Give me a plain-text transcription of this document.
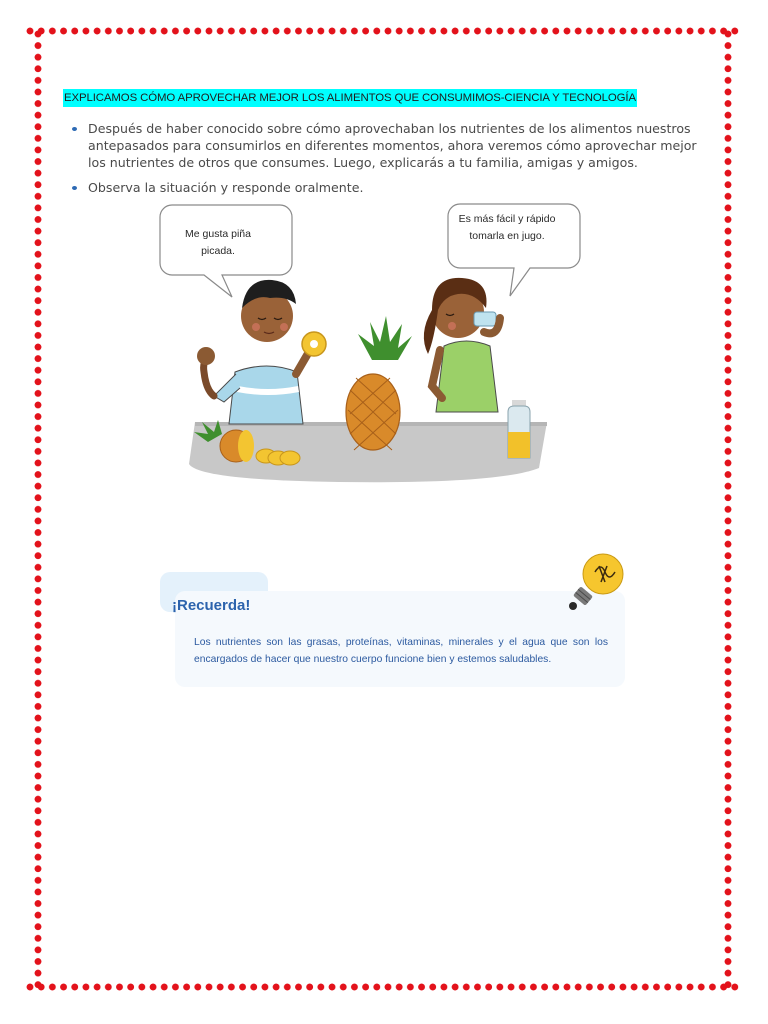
EXPLICAMOS CÓMO APROVECHAR MEJOR LOS ALIMENTOS QUE CONSUMIMOS-CIENCIA Y TECNOLOGÍA
Después de haber conocido sobre cómo aprovechaban los nutrientes de los alimentos nuestros antepasados para consumirlos en diferentes momentos, ahora veremos cómo aprovechar mejor los nutrientes de otros que consumes. Luego, explicarás a tu familia, amigas y amigos.
Observa la situación y responde oralmente.
Me gusta piña
picada.
Es más fácil y rápido
tomarla en jugo.
¡Recuerda!
Los nutrientes son las grasas, proteínas, vitaminas, minerales y el agua que son los encargados de hacer que nuestro cuerpo funcione bien y estemos saludables.
